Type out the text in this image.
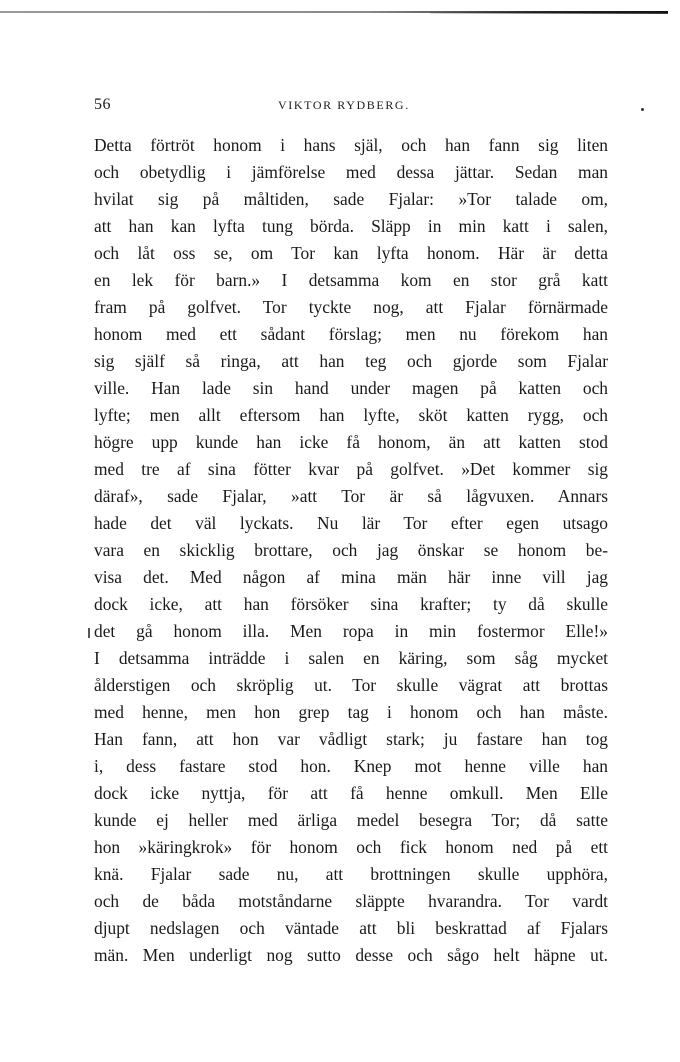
56	VIKTOR RYDBERG.
Detta förtröt honom i hans själ, och han fann sig liten
och obetydlig i jämförelse med dessa jättar. Sedan man
hvilat sig på måltiden, sade Fjalar: »Tor talade om,
att han kan lyfta tung börda. Släpp in min katt i salen,
och låt oss se, om Tor kan lyfta honom. Här är detta
en lek för barn.» I detsamma kom en stor grå katt
fram på golfvet. Tor tyckte nog, att Fjalar förnärmade
honom med ett sådant förslag; men nu förekom han
sig själf så ringa, att han teg och gjorde som Fjalar
ville. Han lade sin hand under magen på katten och
lyfte; men allt eftersom han lyfte, sköt katten rygg, och
högre upp kunde han icke få honom, än att katten stod
med tre af sina fötter kvar på golfvet. »Det kommer sig
däraf», sade Fjalar, »att Tor är så lågvuxen. Annars
hade det väl lyckats. Nu lär Tor efter egen utsago
vara en skicklig brottare, och jag önskar se honom be-
visa det. Med någon af mina män här inne vill jag
dock icke, att han försöker sina krafter; ty då skulle
det gå honom illa. Men ropa in min fostermor Elle!»
I detsamma inträdde i salen en käring, som såg mycket
ålderstigen och skröplig ut. Tor skulle vägrat att brottas
med henne, men hon grep tag i honom och han måste.
Han fann, att hon var vådligt stark; ju fastare han tog
i, dess fastare stod hon. Knep mot henne ville han
dock icke nyttja, för att få henne omkull. Men Elle
kunde ej heller med ärliga medel besegra Tor; då satte
hon »käringkrok» för honom och fick honom ned på ett
knä. Fjalar sade nu, att brottningen skulle upphöra,
och de båda motståndarne släppte hvarandra. Tor vardt
djupt nedslagen och väntade att bli beskrattad af Fjalars
män. Men underligt nog sutto desse och sågo helt häpne ut.
